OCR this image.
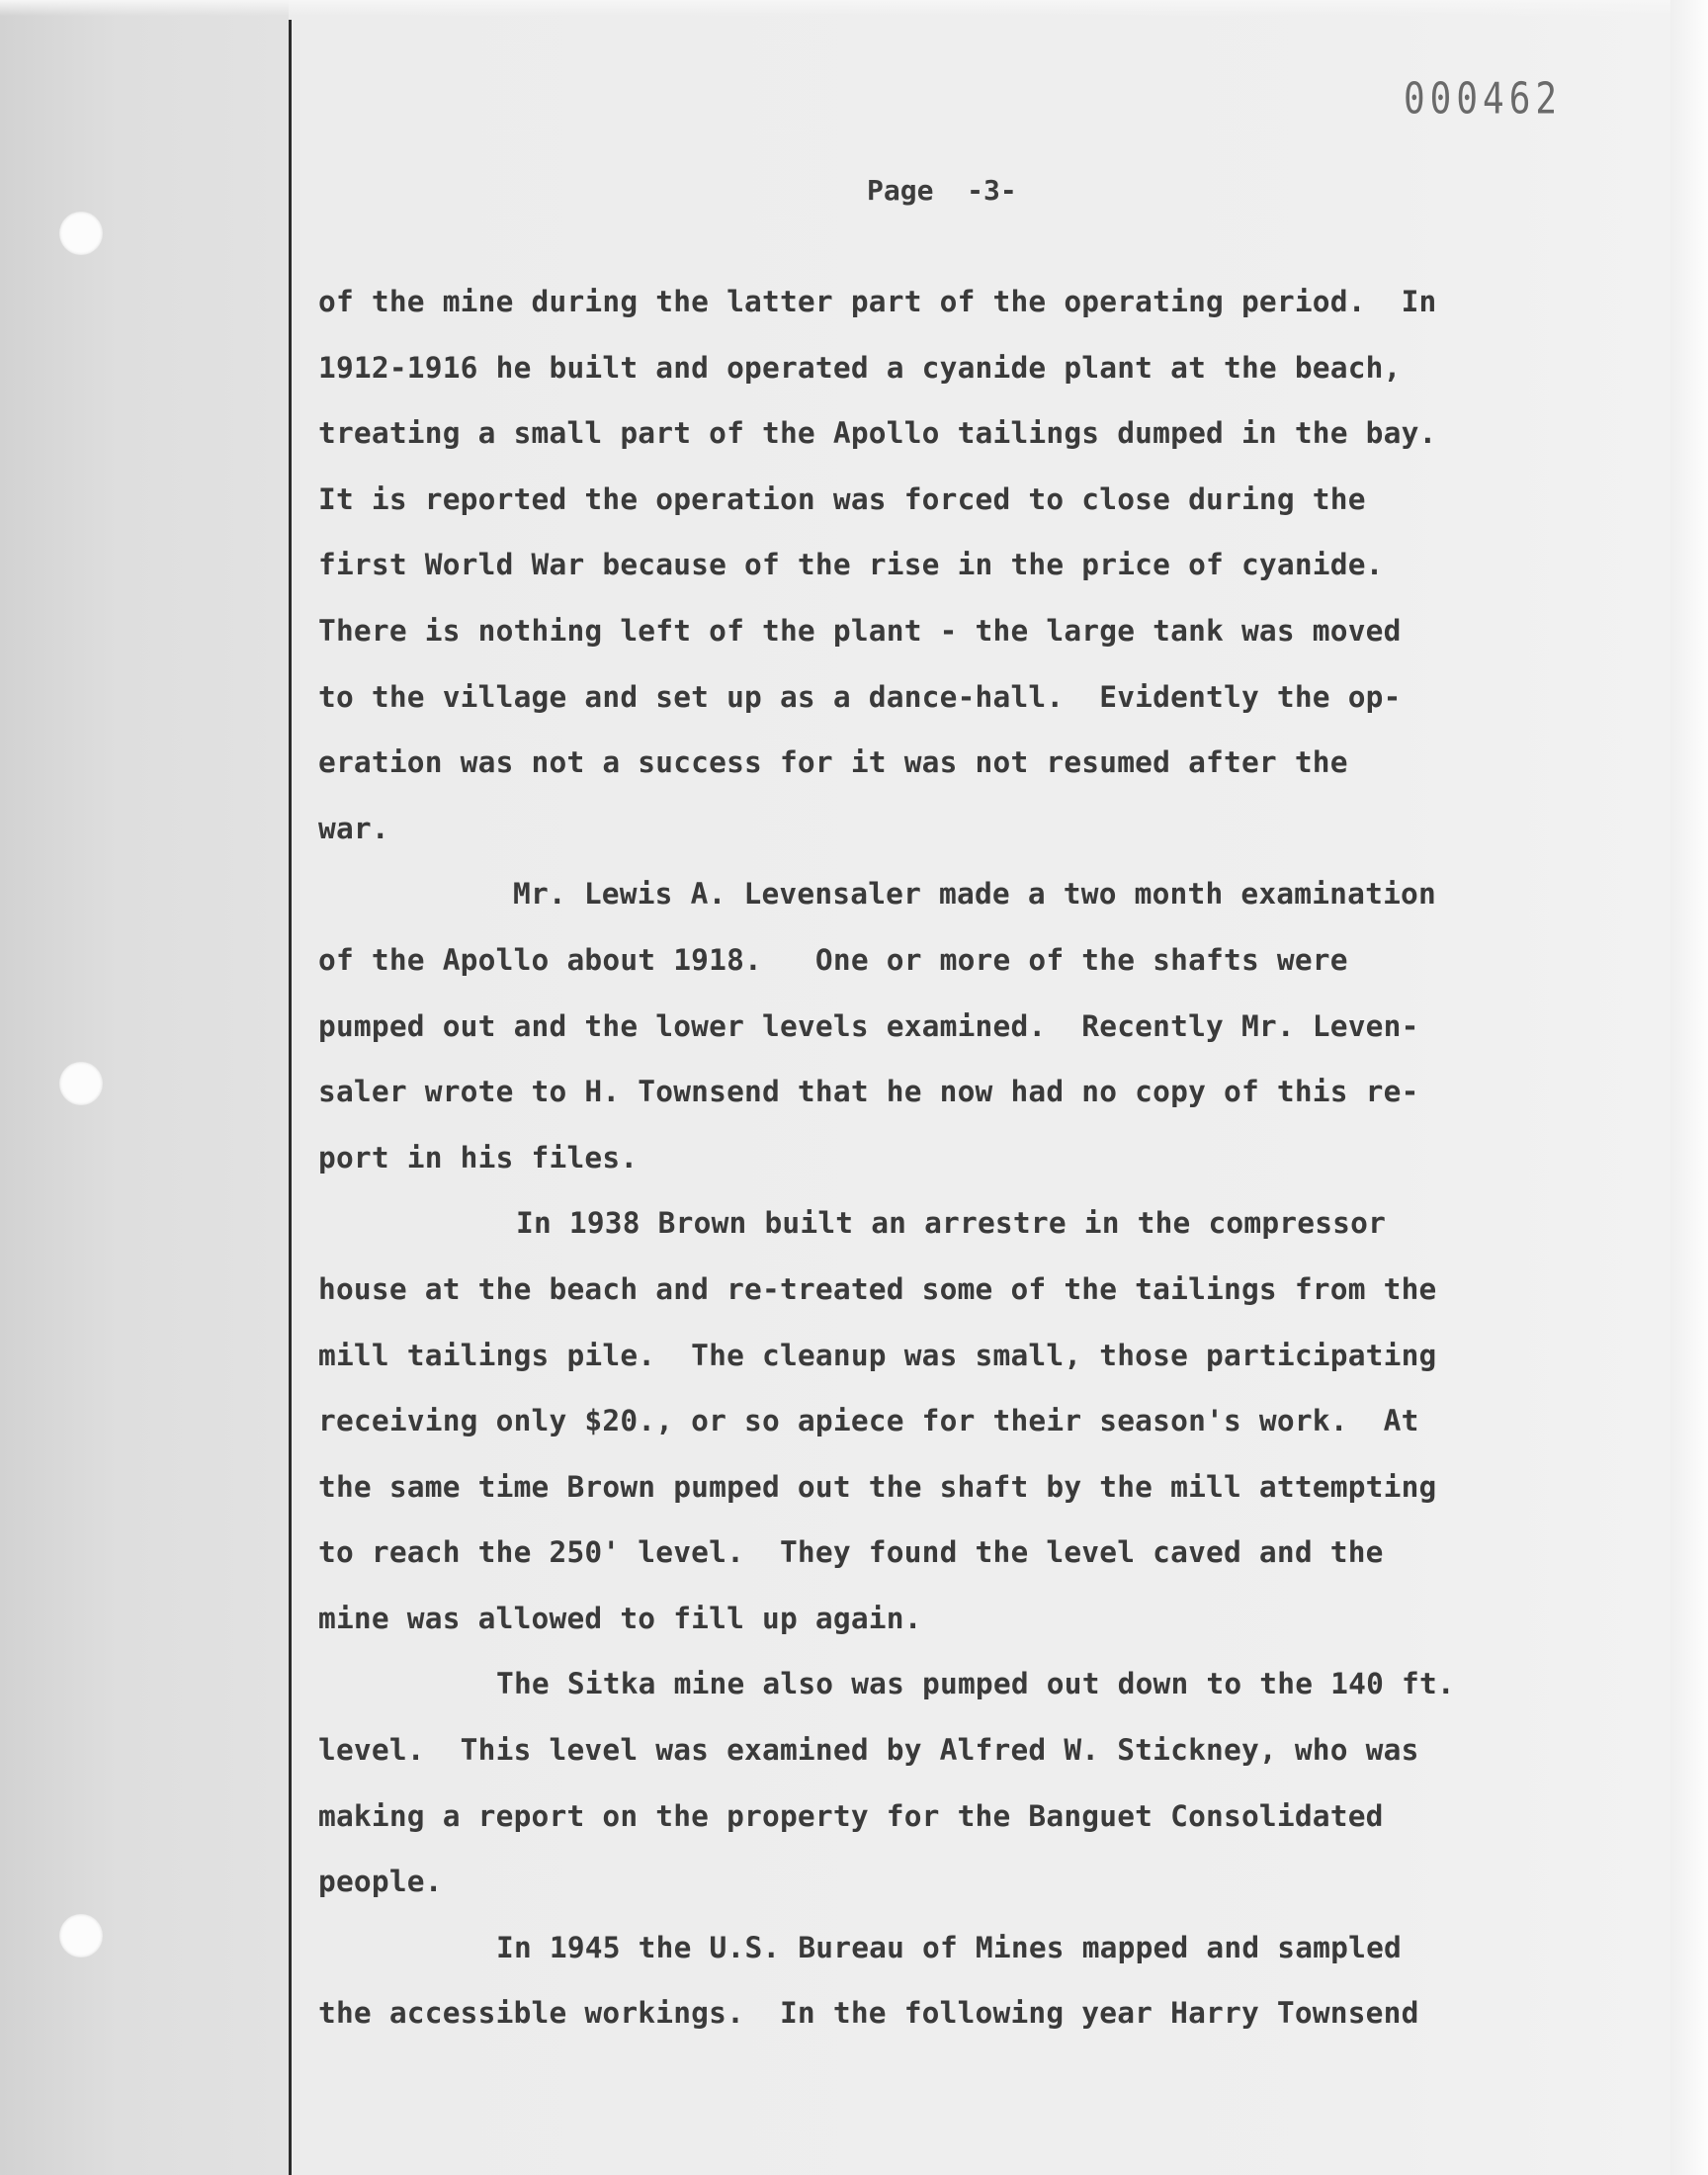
000462
Page  -3-
of the mine during the latter part of the operating period.  In
1912-1916 he built and operated a cyanide plant at the beach,
treating a small part of the Apollo tailings dumped in the bay.
It is reported the operation was forced to close during the
first World War because of the rise in the price of cyanide.
There is nothing left of the plant - the large tank was moved
to the village and set up as a dance-hall.  Evidently the op-
eration was not a success for it was not resumed after the
war.
Mr. Lewis A. Levensaler made a two month examination
of the Apollo about 1918.   One or more of the shafts were
pumped out and the lower levels examined.  Recently Mr. Leven-
saler wrote to H. Townsend that he now had no copy of this re-
port in his files.
In 1938 Brown built an arrestre in the compressor
house at the beach and re-treated some of the tailings from the
mill tailings pile.  The cleanup was small, those participating
receiving only $20., or so apiece for their season's work.  At
the same time Brown pumped out the shaft by the mill attempting
to reach the 250' level.  They found the level caved and the
mine was allowed to fill up again.
The Sitka mine also was pumped out down to the 140 ft.
level.  This level was examined by Alfred W. Stickney, who was
making a report on the property for the Banguet Consolidated
people.
In 1945 the U.S. Bureau of Mines mapped and sampled
the accessible workings.  In the following year Harry Townsend
